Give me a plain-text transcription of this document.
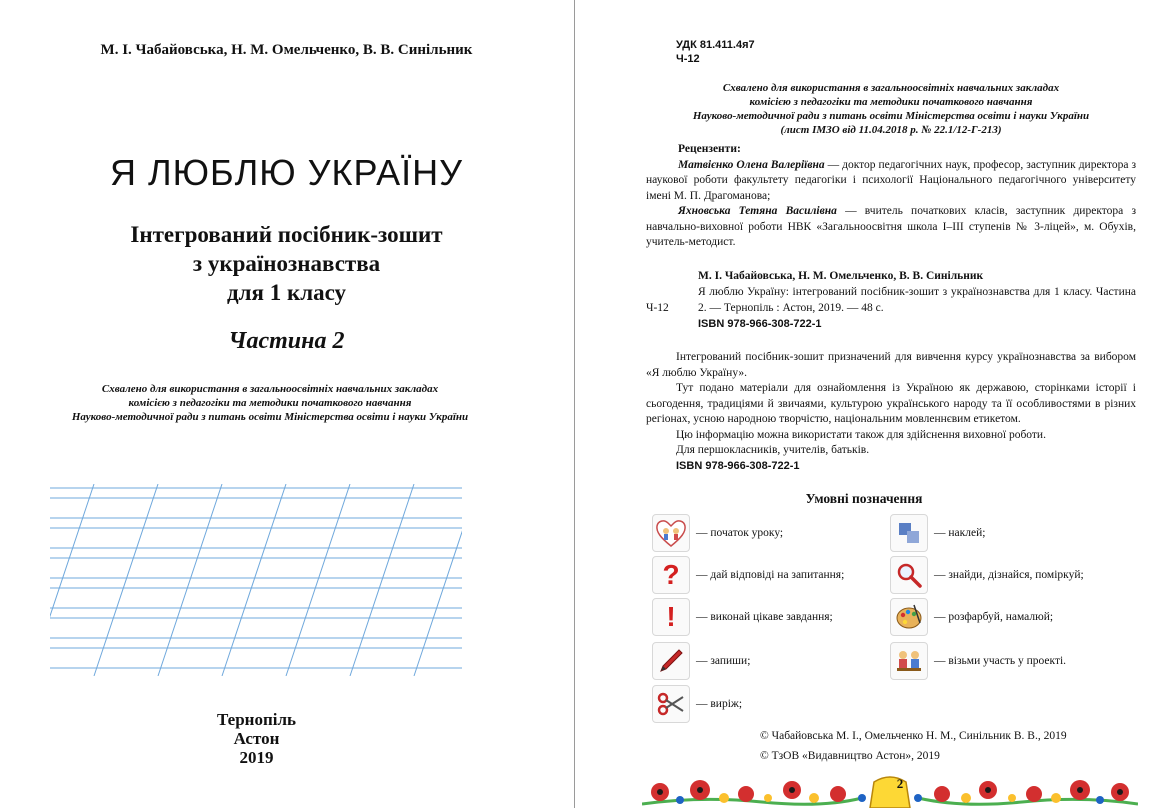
М. І. Чабайовська, Н. М. Омельченко, В. В. Синільник
Я ЛЮБЛЮ УКРАЇНУ
Інтегрований посібник-зошит
з українознавства
для 1 класу
Частина 2
Схвалено для використання в загальноосвітніх навчальних закладах
комісією з педагогіки та методики початкового навчання
Науково-методичної ради з питань освіти Міністерства освіти і науки України
Тернопіль
Астон
2019
УДК 81.411.4я7
Ч-12
Схвалено для використання в загальноосвітніх навчальних закладах
комісією з педагогіки та методики початкового навчання
Науково-методичної ради з питань освіти Міністерства освіти і науки України
(лист ІМЗО від 11.04.2018 р. № 22.1/12-Г-213)
Рецензенти:

Матвієнко Олена Валеріївна — доктор педагогічних наук, професор, заступник директора з наукової роботи факультету педагогіки і психології Національного педагогічного університету імені М. П. Драгоманова;

Яхновська Тетяна Василівна — вчитель початкових класів, заступник директора з навчально-виховної роботи НВК «Загальноосвітня школа І–ІІІ ступенів № 3-ліцей», м. Обухів, учитель-методист.

М. І. Чабайовська, Н. М. Омельченко, В. В. Синільник
Ч-12
Я люблю Україну: інтегрований посібник-зошит з українознавства для 1 класу. Частина 2. — Тернопіль : Астон, 2019. — 48 с.
ISBN 978-966-308-722-1

Інтегрований посібник-зошит призначений для вивчення курсу українознавства за вибором «Я люблю Україну».

Тут подано матеріали для ознайомлення із Україною як державою, сторінками історії і сьогодення, традиціями й звичаями, культурою українського народу та її особливостями в різних регіонах, усною народною творчістю, національним мовленнєвим етикетом.

Цю інформацію можна використати також для здійснення виховної роботи.

Для першокласників, учителів, батьків.

ISBN 978-966-308-722-1
Умовні позначення
— початок уроку;
? — дай відповіді на запитання;
! — виконай цікаве завдання;
— запиши;
— виріж;
— наклей;
— знайди, дізнайся, поміркуй;
— розфарбуй, намалюй;
— візьми участь у проекті.
© Чабайовська М. І., Омельченко Н. М., Синільник В. В., 2019
© ТзОВ «Видавництво Астон», 2019
2
